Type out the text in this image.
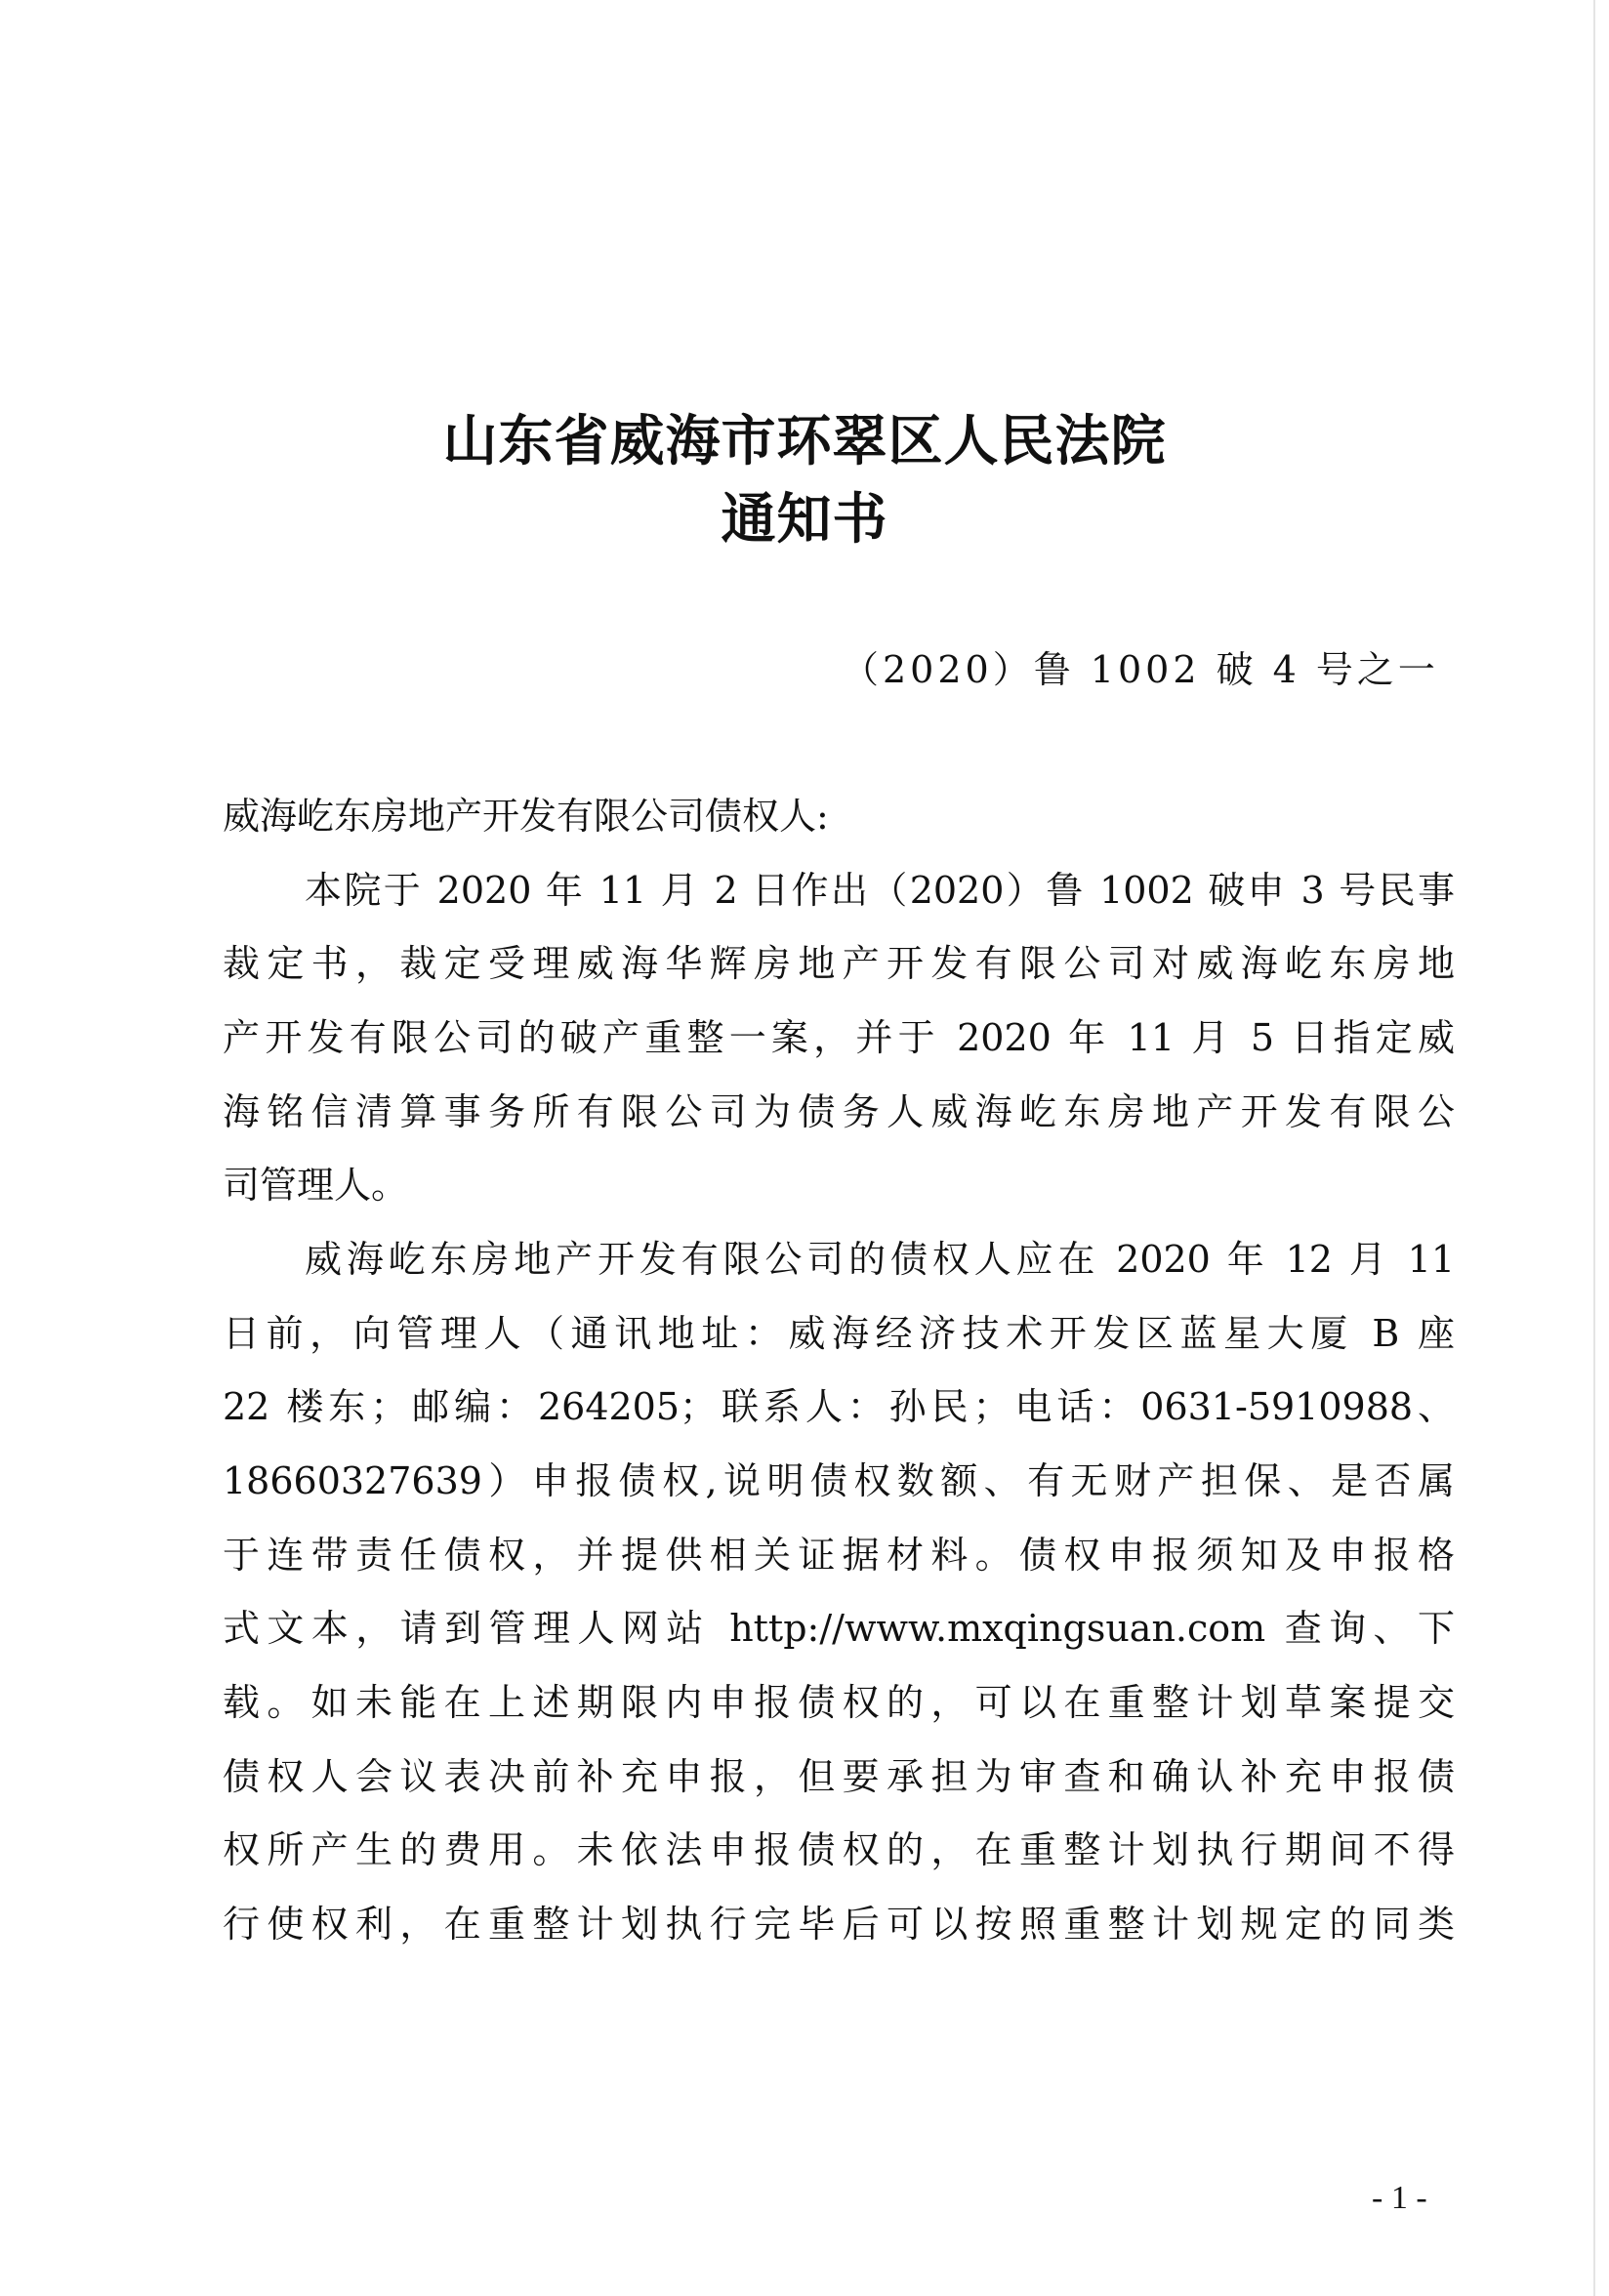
山东省威海市环翠区人民法院
通知书
（2020）鲁 1002 破 4 号之一
威海屹东房地产开发有限公司债权人:
本院于 2020 年 11 月 2 日作出（2020）鲁 1002 破申 3 号民事
裁定书，裁定受理威海华辉房地产开发有限公司对威海屹东房地
产开发有限公司的破产重整一案，并于 2020 年 11 月 5 日指定威
海铭信清算事务所有限公司为债务人威海屹东房地产开发有限公
司管理人。
威海屹东房地产开发有限公司的债权人应在 2020 年 12 月 11
日前，向管理人（通讯地址：威海经济技术开发区蓝星大厦 B 座
22 楼东；邮编：264205；联系人：孙民；电话：0631-5910988、
18660327639）申报债权,说明债权数额、有无财产担保、是否属
于连带责任债权，并提供相关证据材料。债权申报须知及申报格
式文本，请到管理人网站 http://www.mxqingsuan.com 查询、下
载。如未能在上述期限内申报债权的，可以在重整计划草案提交
债权人会议表决前补充申报，但要承担为审查和确认补充申报债
权所产生的费用。未依法申报债权的，在重整计划执行期间不得
行使权利，在重整计划执行完毕后可以按照重整计划规定的同类
- 1 -
